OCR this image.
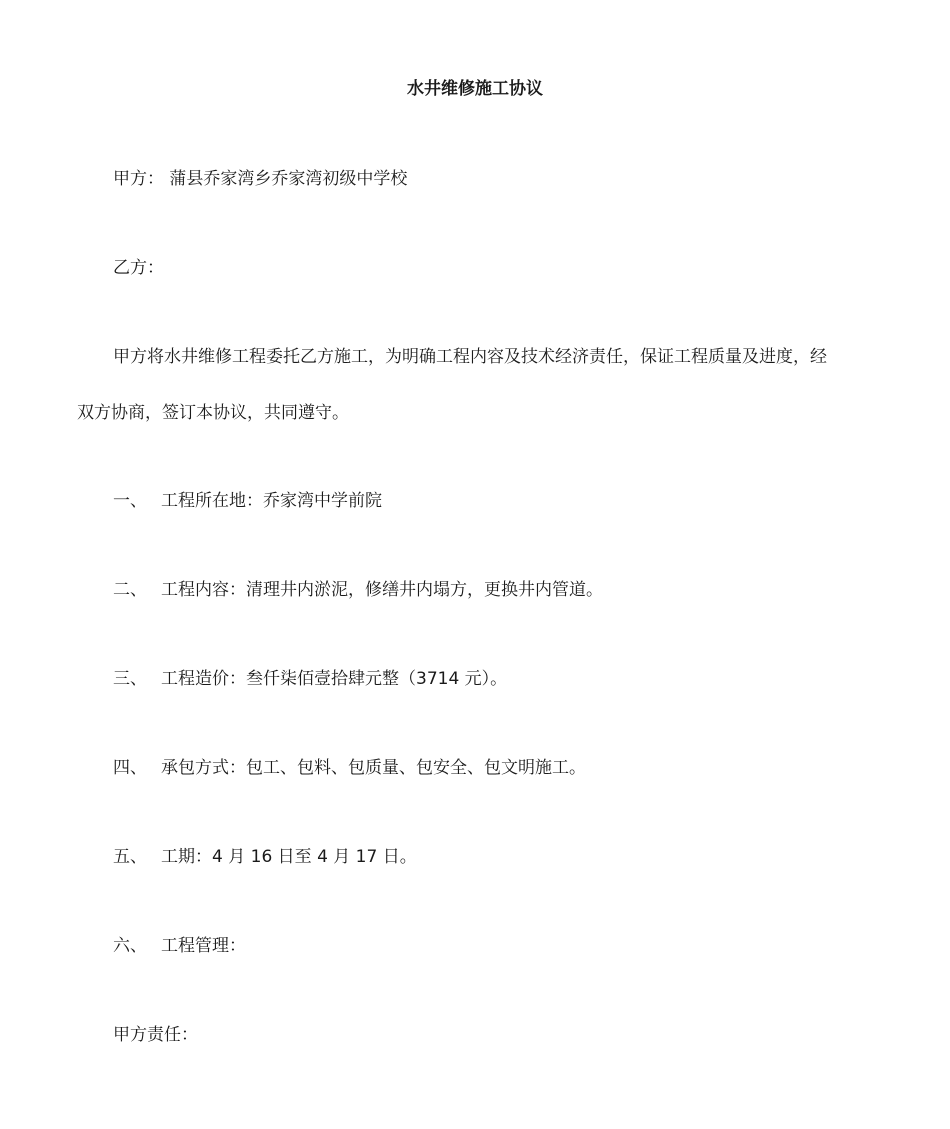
水井维修施工协议
甲方： 蒲县乔家湾乡乔家湾初级中学校
乙方：
甲方将水井维修工程委托乙方施工，为明确工程内容及技术经济责任，保证工程质量及进度，经
双方协商，签订本协议，共同遵守。
一、 工程所在地：乔家湾中学前院
二、 工程内容：清理井内淤泥，修缮井内塌方，更换井内管道。
三、 工程造价：叁仟柒佰壹拾肆元整（3714 元）。
四、 承包方式：包工、包料、包质量、包安全、包文明施工。
五、 工期：4 月 16 日至 4 月 17 日。
六、 工程管理：
甲方责任：
